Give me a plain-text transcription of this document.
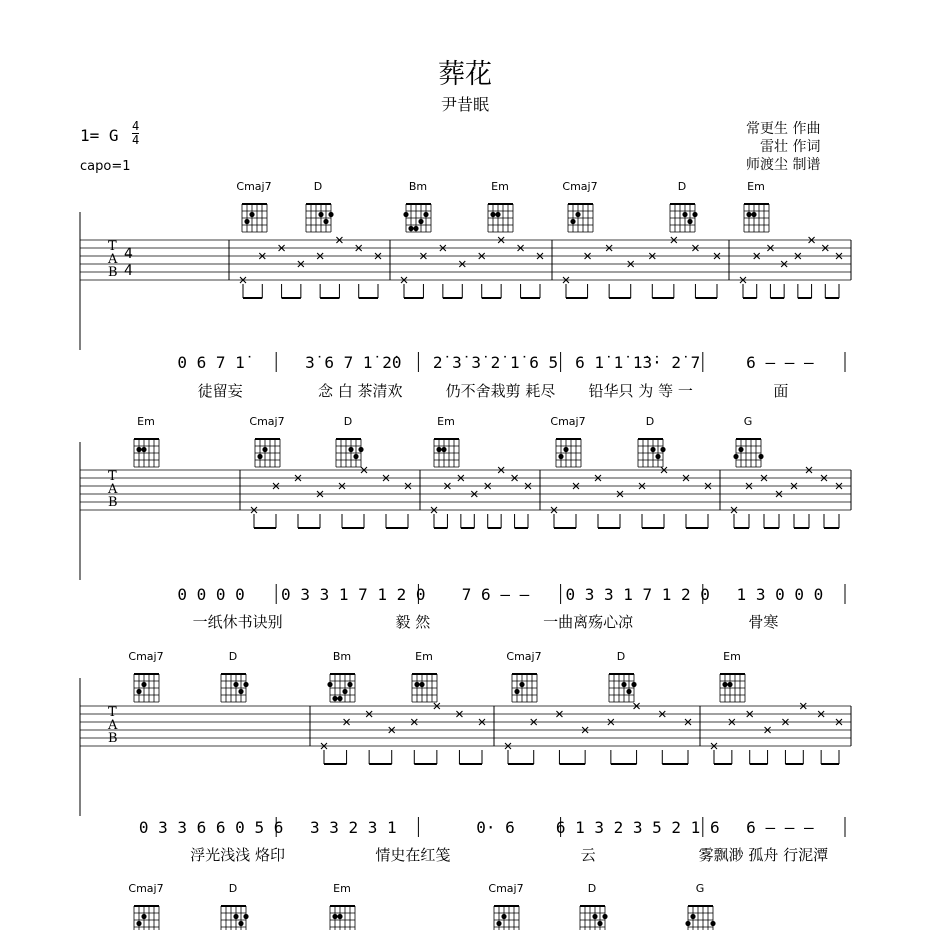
葬花
尹昔眠
1= G $\frac{4}{4}$
capo=1
常更生 作曲
雷壮 作词
师渡尘 制谱
Cmaj7	D	Bm	Em	Cmaj7	D	Em
T
A
B
4
4
0 6 7 1̇	3̇ 6 7 1̇ 2̇0 2̇ 3̇ 3̇ 2̇ 1̇ 6 5 6 1̇ 1̇ 1̇3̇· 2̇ 7	6 – – –
徒留妄	念 白 茶清欢	仍不舍栽剪 耗尽 铅华只 为 等 一	面
Em	Cmaj7	D	Em	Cmaj7	D	G
T
A
B
0 0 0 0 0 3 3 1 7 1 2 0 7 6 – – 0 3 3 1 7 1 2 0 1 3 0 0 0
一纸休书诀别	毅 然	一曲离殇心凉	骨寒
Cmaj7	D	Bm	Em	Cmaj7	D	Em
T
A
B
0 3 3 6 6 0 5 6 3 3 2 3 1	0· 6	6 1 3 2 3 5 2 1 6 6 – – –
浮光浅浅 烙印	情史在红笺	云	雾飘渺 孤舟 行泥潭
Cmaj7	D	Em	Cmaj7	D	G
